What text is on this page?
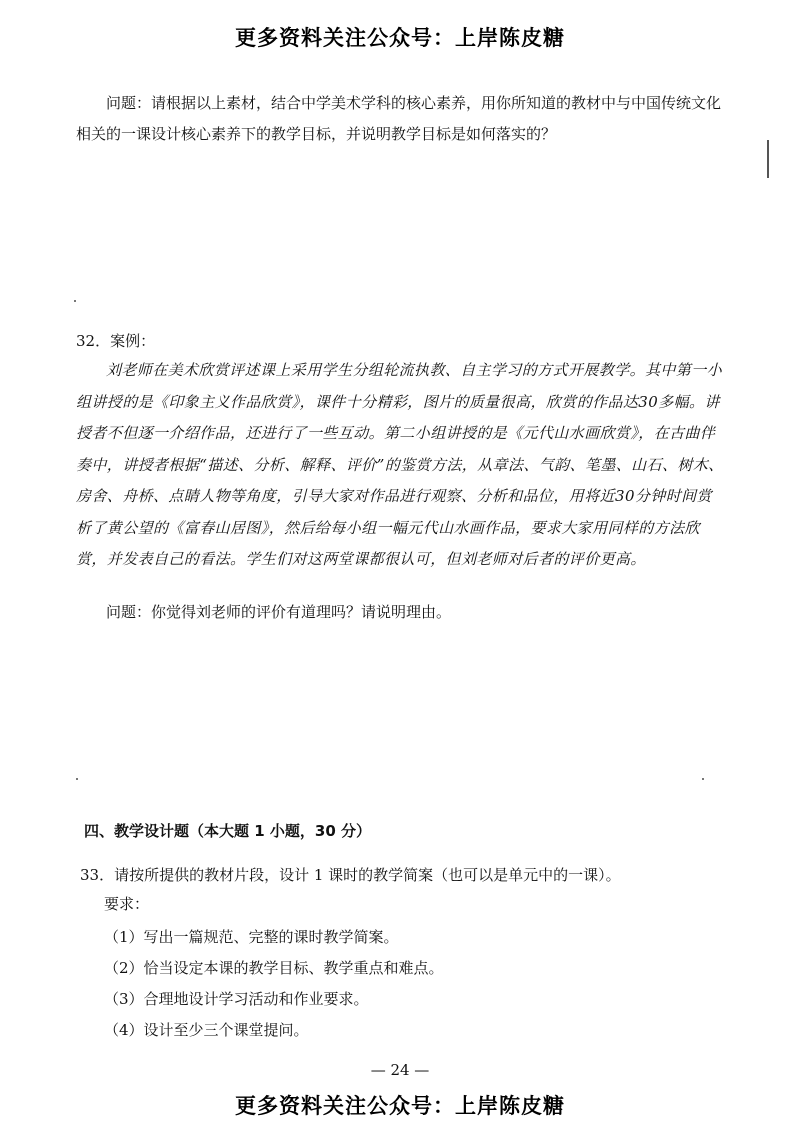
更多资料关注公众号：上岸陈皮糖

问题：请根据以上素材，结合中学美术学科的核心素养，用你所知道的教材中与中国传统文化相关的一课设计核心素养下的教学目标，并说明教学目标是如何落实的？

32．案例：

刘老师在美术欣赏评述课上采用学生分组轮流执教、自主学习的方式开展教学。其中第一小组讲授的是《印象主义作品欣赏》，课件十分精彩，图片的质量很高，欣赏的作品达30多幅。讲授者不但逐一介绍作品，还进行了一些互动。第二小组讲授的是《元代山水画欣赏》，在古曲伴奏中，讲授者根据“描述、分析、解释、评价”的鉴赏方法，从章法、气韵、笔墨、山石、树木、房舍、舟桥、点睛人物等角度，引导大家对作品进行观察、分析和品位，用将近30分钟时间赏析了黄公望的《富春山居图》，然后给每小组一幅元代山水画作品，要求大家用同样的方法欣赏，并发表自己的看法。学生们对这两堂课都很认可，但刘老师对后者的评价更高。

问题：你觉得刘老师的评价有道理吗？请说明理由。

四、教学设计题（本大题 1 小题，30 分）
33．请按所提供的教材片段，设计 1 课时的教学简案（也可以是单元中的一课）。
要求：
（1）写出一篇规范、完整的课时教学简案。
（2）恰当设定本课的教学目标、教学重点和难点。
（3）合理地设计学习活动和作业要求。
（4）设计至少三个课堂提问。
— 24 —
更多资料关注公众号：上岸陈皮糖
